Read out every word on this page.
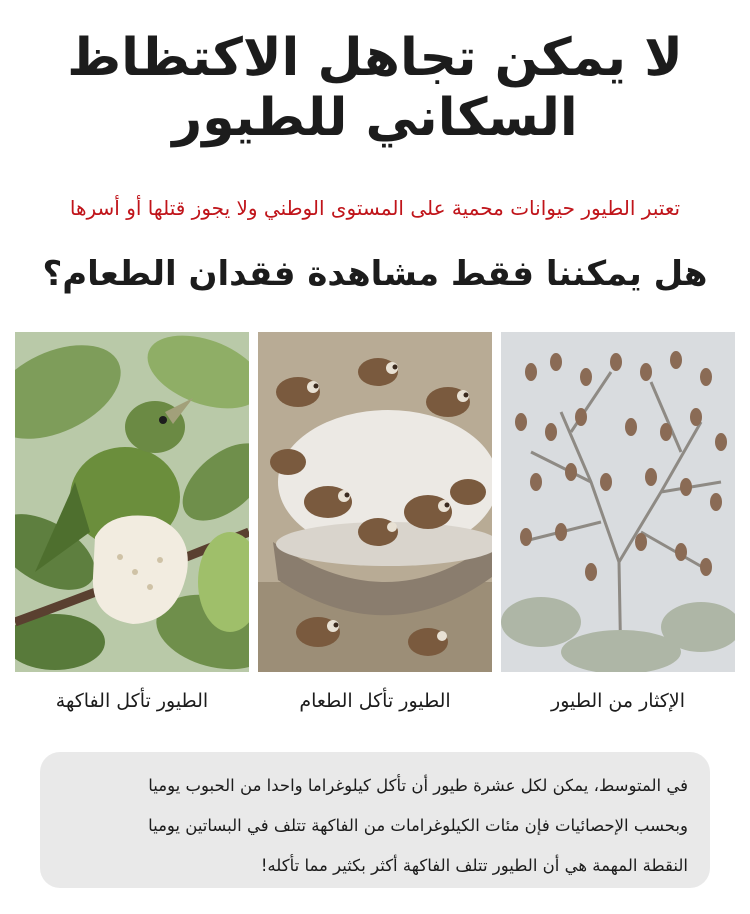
لا يمكن تجاهل الاكتظاظ
السكاني للطيور

تعتبر الطيور حيوانات محمية على المستوى الوطني ولا يجوز قتلها أو أسرها

هل يمكننا فقط مشاهدة فقدان الطعام؟
الطيور تأكل الفاكهة	الطيور تأكل الطعام	الإكثار من الطيور

في المتوسط، يمكن لكل عشرة طيور أن تأكل كيلوغراما واحدا من الحبوب يوميا

وبحسب الإحصائيات فإن مئات الكيلوغرامات من الفاكهة تتلف في البساتين يوميا

النقطة المهمة هي أن الطيور تتلف الفاكهة أكثر بكثير مما تأكله!
